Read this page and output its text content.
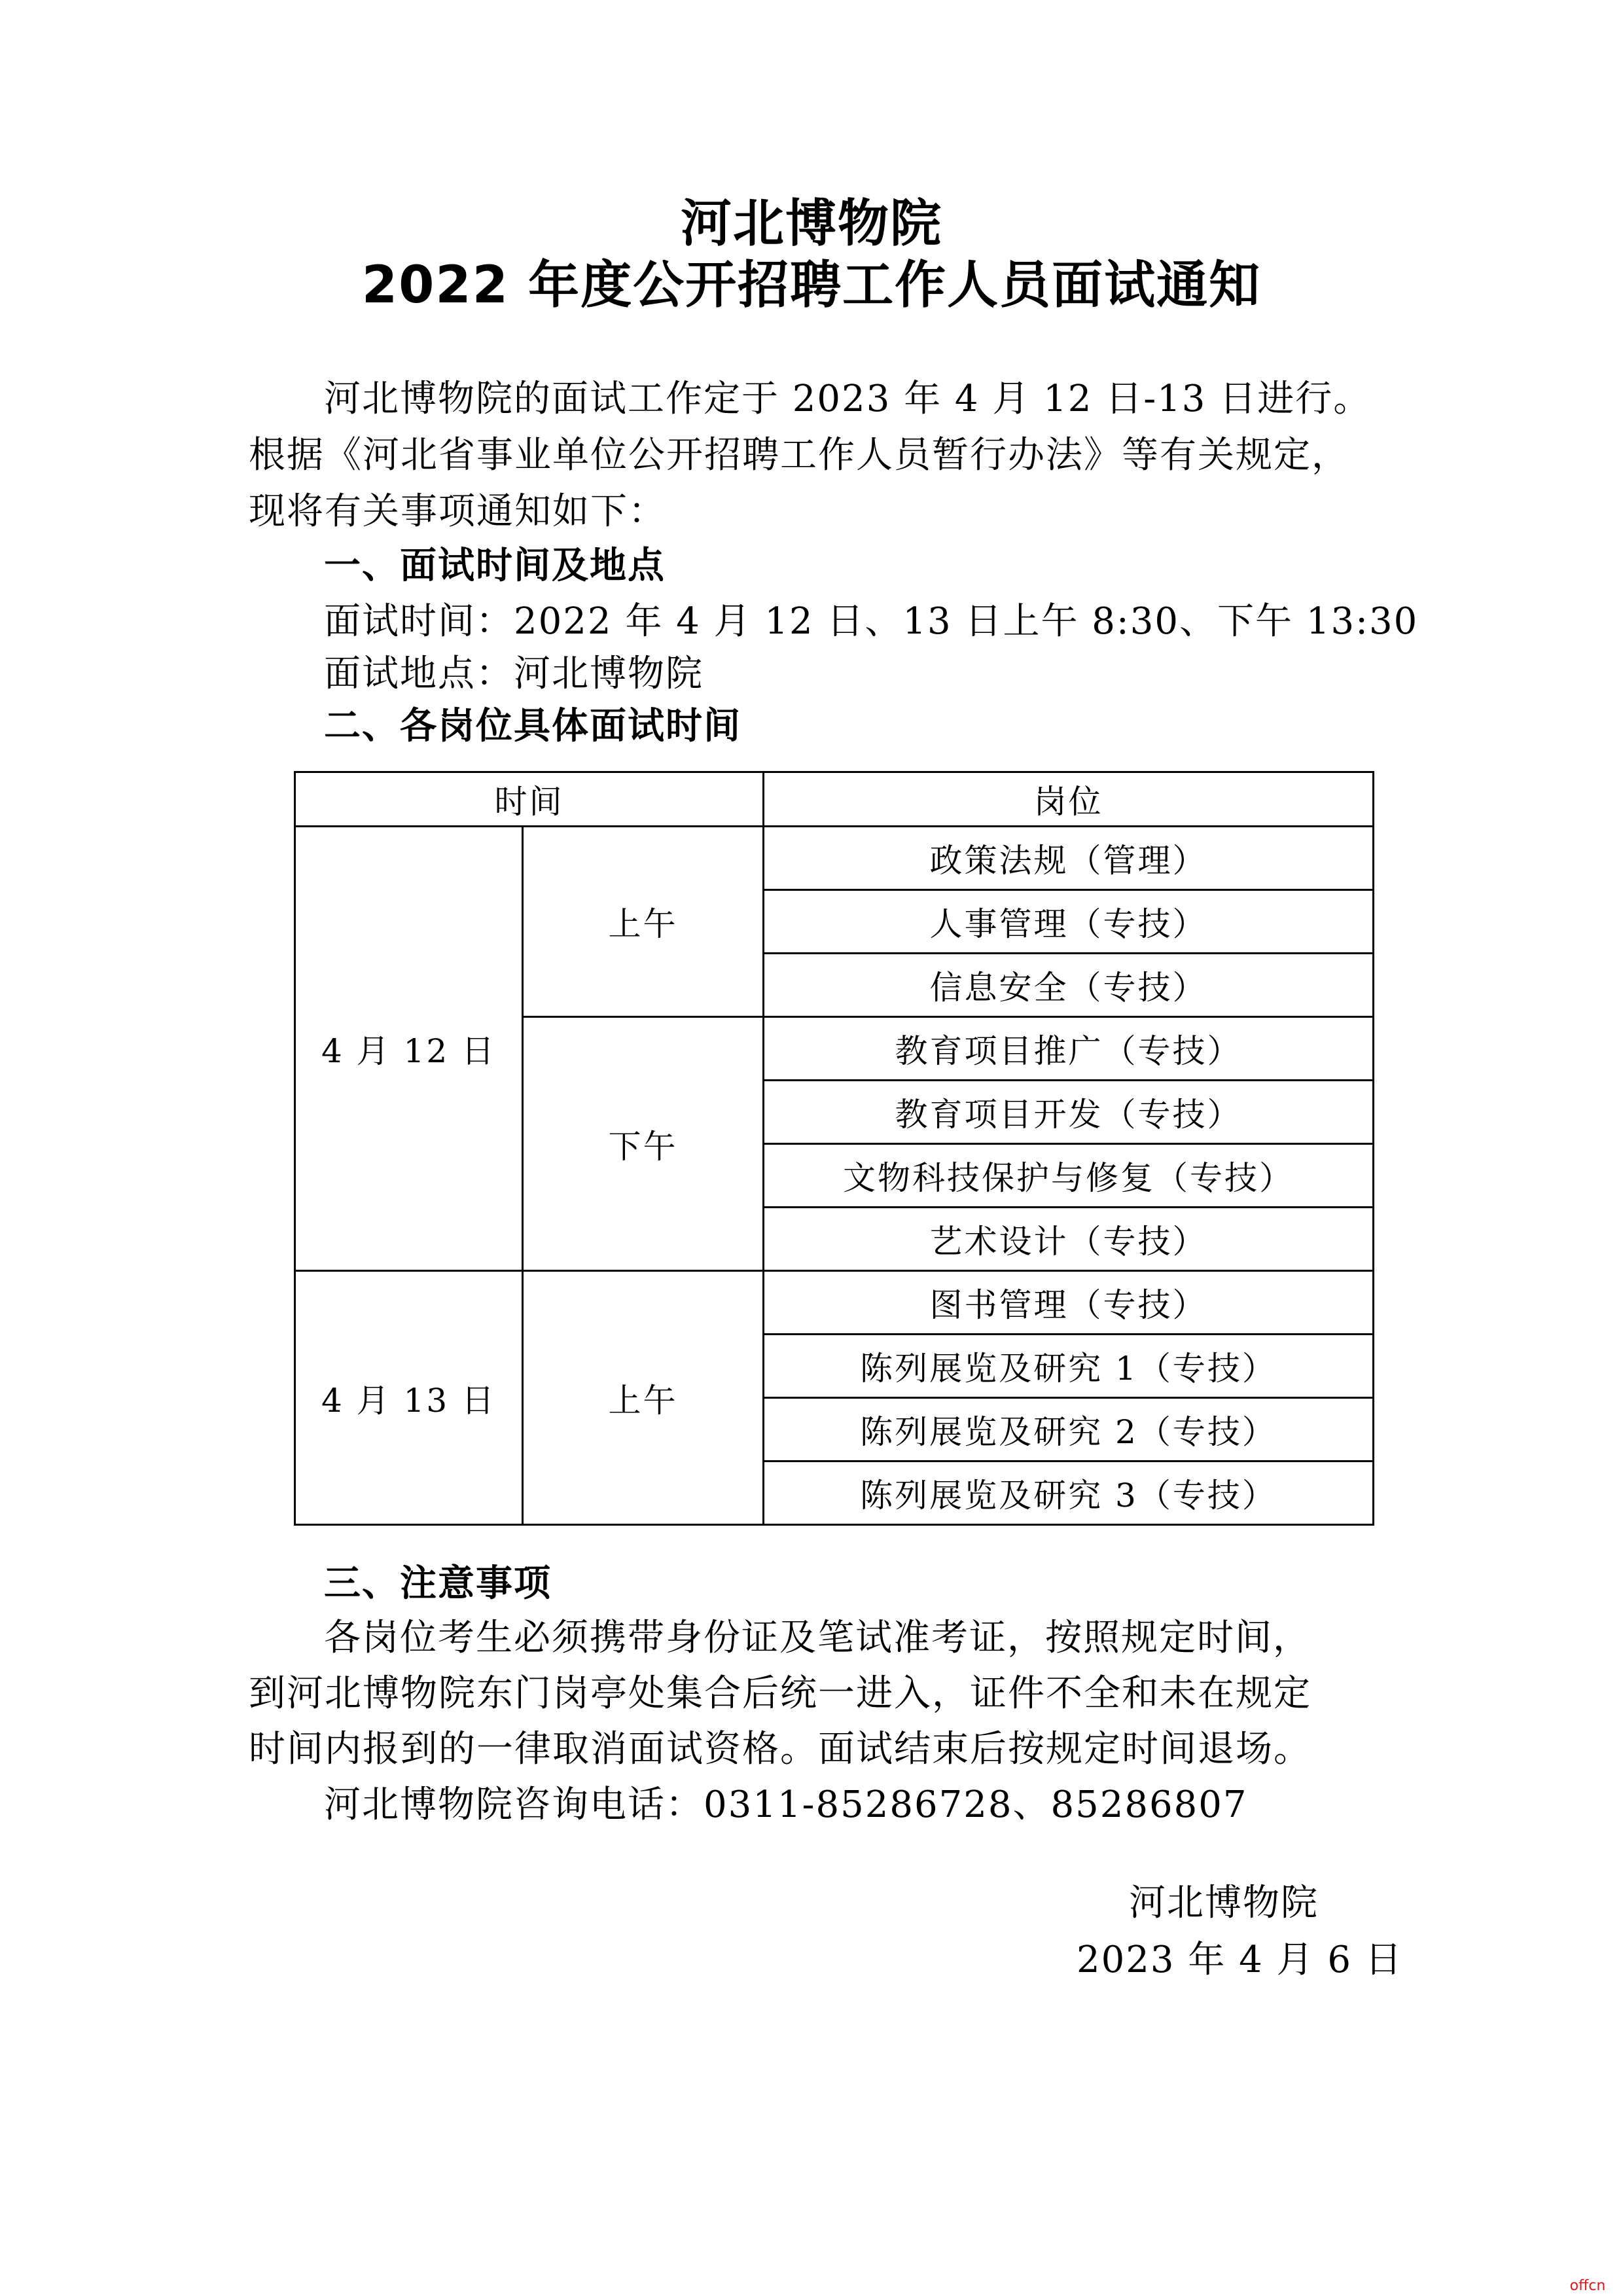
河北博物院
2022 年度公开招聘工作人员面试通知
河北博物院的面试工作定于 2023 年 4 月 12 日-13 日进行。
根据《河北省事业单位公开招聘工作人员暂行办法》等有关规定，
现将有关事项通知如下：
一、面试时间及地点
面试时间：2022 年 4 月 12 日、13 日上午 8:30、下午 13:30
面试地点：河北博物院
二、各岗位具体面试时间
时间		岗位
4 月 12 日	上午	政策法规（管理）
		人事管理（专技）
		信息安全（专技）
	下午	教育项目推广（专技）
		教育项目开发（专技）
		文物科技保护与修复（专技）
		艺术设计（专技）
4 月 13 日	上午	图书管理（专技）
		陈列展览及研究 1（专技）
		陈列展览及研究 2（专技）
		陈列展览及研究 3（专技）
三、注意事项
各岗位考生必须携带身份证及笔试准考证，按照规定时间，
到河北博物院东门岗亭处集合后统一进入，证件不全和未在规定
时间内报到的一律取消面试资格。面试结束后按规定时间退场。
河北博物院咨询电话：0311-85286728、85286807
河北博物院
2023 年 4 月 6 日
offcn
